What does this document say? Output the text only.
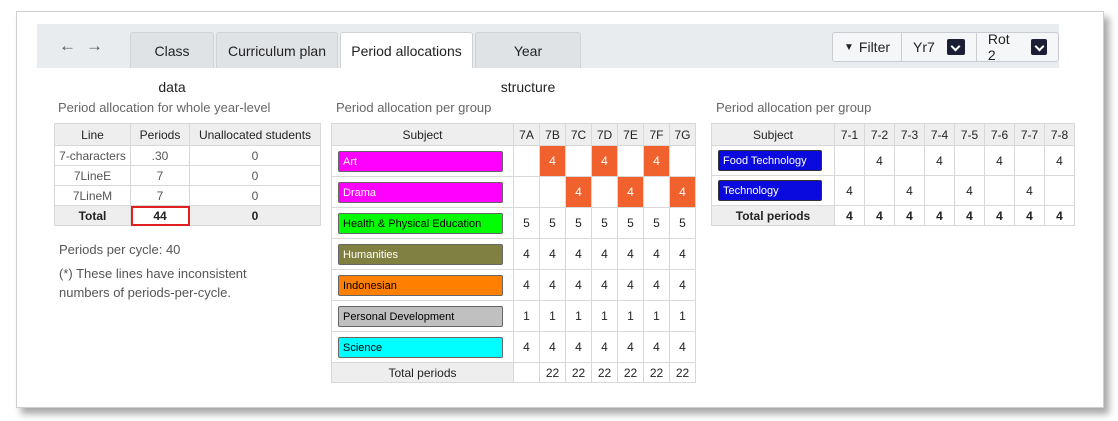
← →	Class data
Curriculum plan	Period allocations	Year structure
▼ Filter Yr7	Rot 2
Period allocation for whole year-level	Period allocation per group	Period allocation per group
Line	Periods	Unallocated students
7-characters	.30	0
7LineE	7	0
7LineM	7	0
Total	44	0
Periods per cycle: 40
(*) These lines have inconsistent
numbers of periods-per-cycle.
Subject	7A	7B	7C	7D	7E	7F	7G

Art		4		4		4	

Drama			4		4		4

Health & Physical Education	5	5	5	5	5	5	5

Humanities	4	4	4	4	4	4	4

Indonesian	4	4	4	4	4	4	4

Personal Development	1	1	1	1	1	1	1

Science	4	4	4	4	4	4	4
Total periods	18	22	22	22	22	22	22
Subject	7-1	7-2	7-3	7-4	7-5	7-6	7-7	7-8

Food Technology		4		4		4		4

Technology	4		4		4		4	
Total periods	4	4	4	4	4	4	4	4
